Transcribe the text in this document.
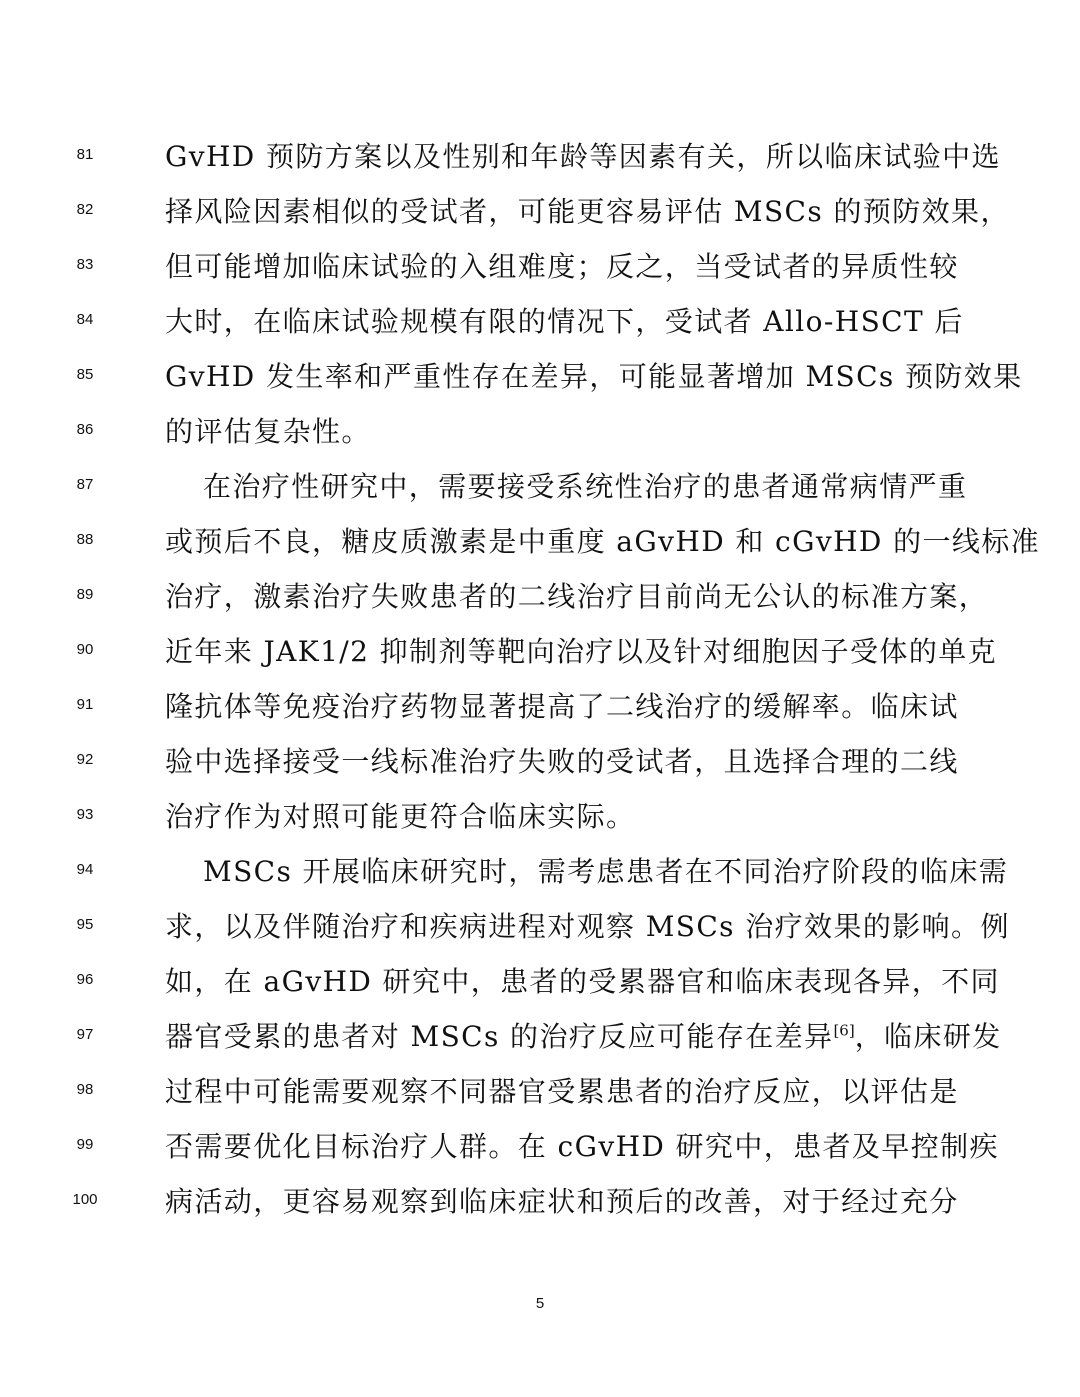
81	GvHD 预防方案以及性别和年龄等因素有关，所以临床试验中选
82	择风险因素相似的受试者，可能更容易评估 MSCs 的预防效果，
83	但可能增加临床试验的入组难度；反之，当受试者的异质性较
84	大时，在临床试验规模有限的情况下，受试者 Allo-HSCT 后
85	GvHD 发生率和严重性存在差异，可能显著增加 MSCs 预防效果
86	的评估复杂性。
87	在治疗性研究中，需要接受系统性治疗的患者通常病情严重
88	或预后不良，糖皮质激素是中重度 aGvHD 和 cGvHD 的一线标准
89	治疗，激素治疗失败患者的二线治疗目前尚无公认的标准方案，
90	近年来 JAK1/2 抑制剂等靶向治疗以及针对细胞因子受体的单克
91	隆抗体等免疫治疗药物显著提高了二线治疗的缓解率。临床试
92	验中选择接受一线标准治疗失败的受试者，且选择合理的二线
93	治疗作为对照可能更符合临床实际。
94	MSCs 开展临床研究时，需考虑患者在不同治疗阶段的临床需
95	求，以及伴随治疗和疾病进程对观察 MSCs 治疗效果的影响。例
96	如，在 aGvHD 研究中，患者的受累器官和临床表现各异，不同
97	器官受累的患者对 MSCs 的治疗反应可能存在差异[6]，临床研发
98	过程中可能需要观察不同器官受累患者的治疗反应，以评估是
99	否需要优化目标治疗人群。在 cGvHD 研究中，患者及早控制疾
100	病活动，更容易观察到临床症状和预后的改善，对于经过充分
5
